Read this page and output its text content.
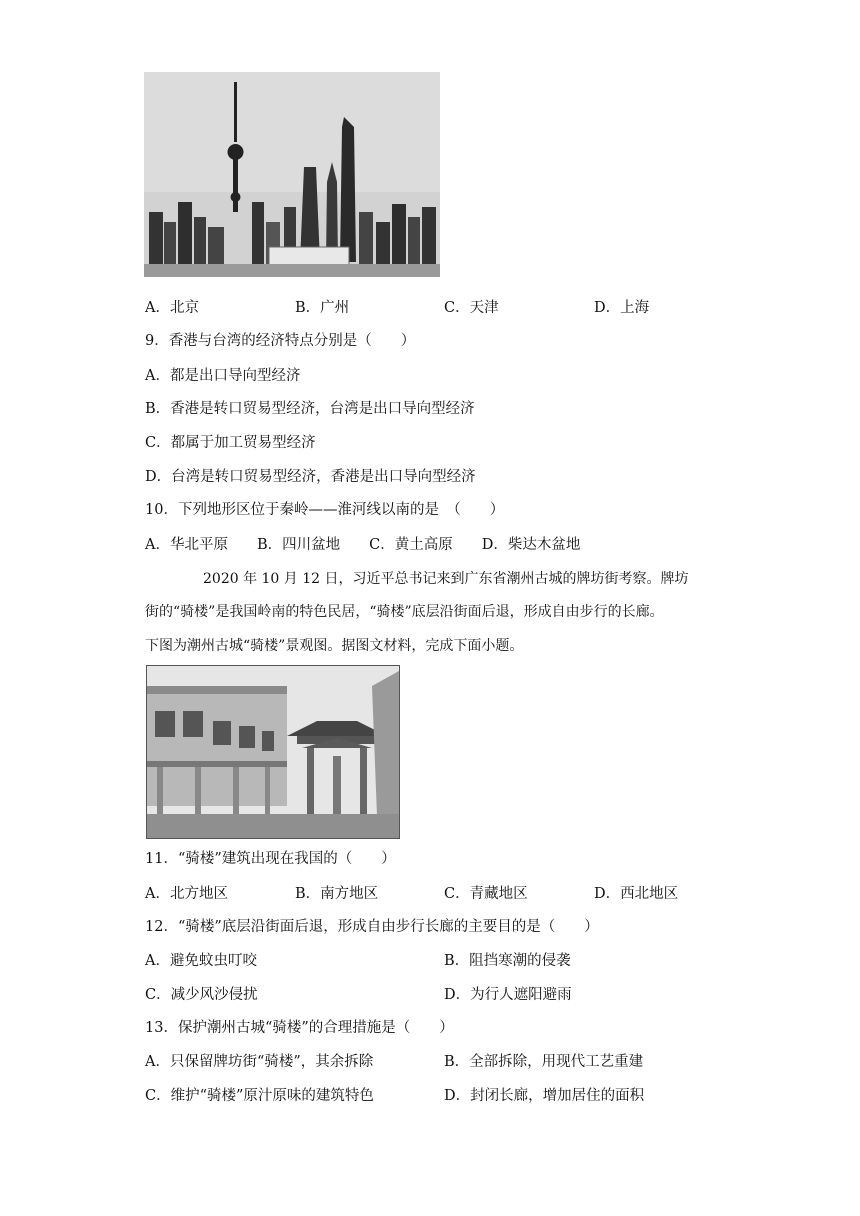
A．北京	B．广州	C．天津	D．上海
9．香港与台湾的经济特点分别是（　　）
A．都是出口导向型经济
B．香港是转口贸易型经济，台湾是出口导向型经济
C．都属于加工贸易型经济
D．台湾是转口贸易型经济，香港是出口导向型经济
10．下列地形区位于秦岭——淮河线以南的是　（　　）
A．华北平原　　B．四川盆地　　C．黄土高原　　D．柴达木盆地
2020 年 10 月 12 日，习近平总书记来到广东省潮州古城的牌坊街考察。牌坊
街的“骑楼”是我国岭南的特色民居，“骑楼”底层沿街面后退，形成自由步行的长廊。
下图为潮州古城“骑楼”景观图。据图文材料，完成下面小题。
11．“骑楼”建筑出现在我国的（　　）
A．北方地区	B．南方地区	C．青藏地区	D．西北地区
12．“骑楼”底层沿街面后退，形成自由步行长廊的主要目的是（　　）
A．避免蚊虫叮咬	B．阻挡寒潮的侵袭
C．减少风沙侵扰	D．为行人遮阳避雨
13．保护潮州古城“骑楼”的合理措施是（　　）
A．只保留牌坊街“骑楼”，其余拆除	B．全部拆除，用现代工艺重建
C．维护“骑楼”原汁原味的建筑特色	D．封闭长廊，增加居住的面积
